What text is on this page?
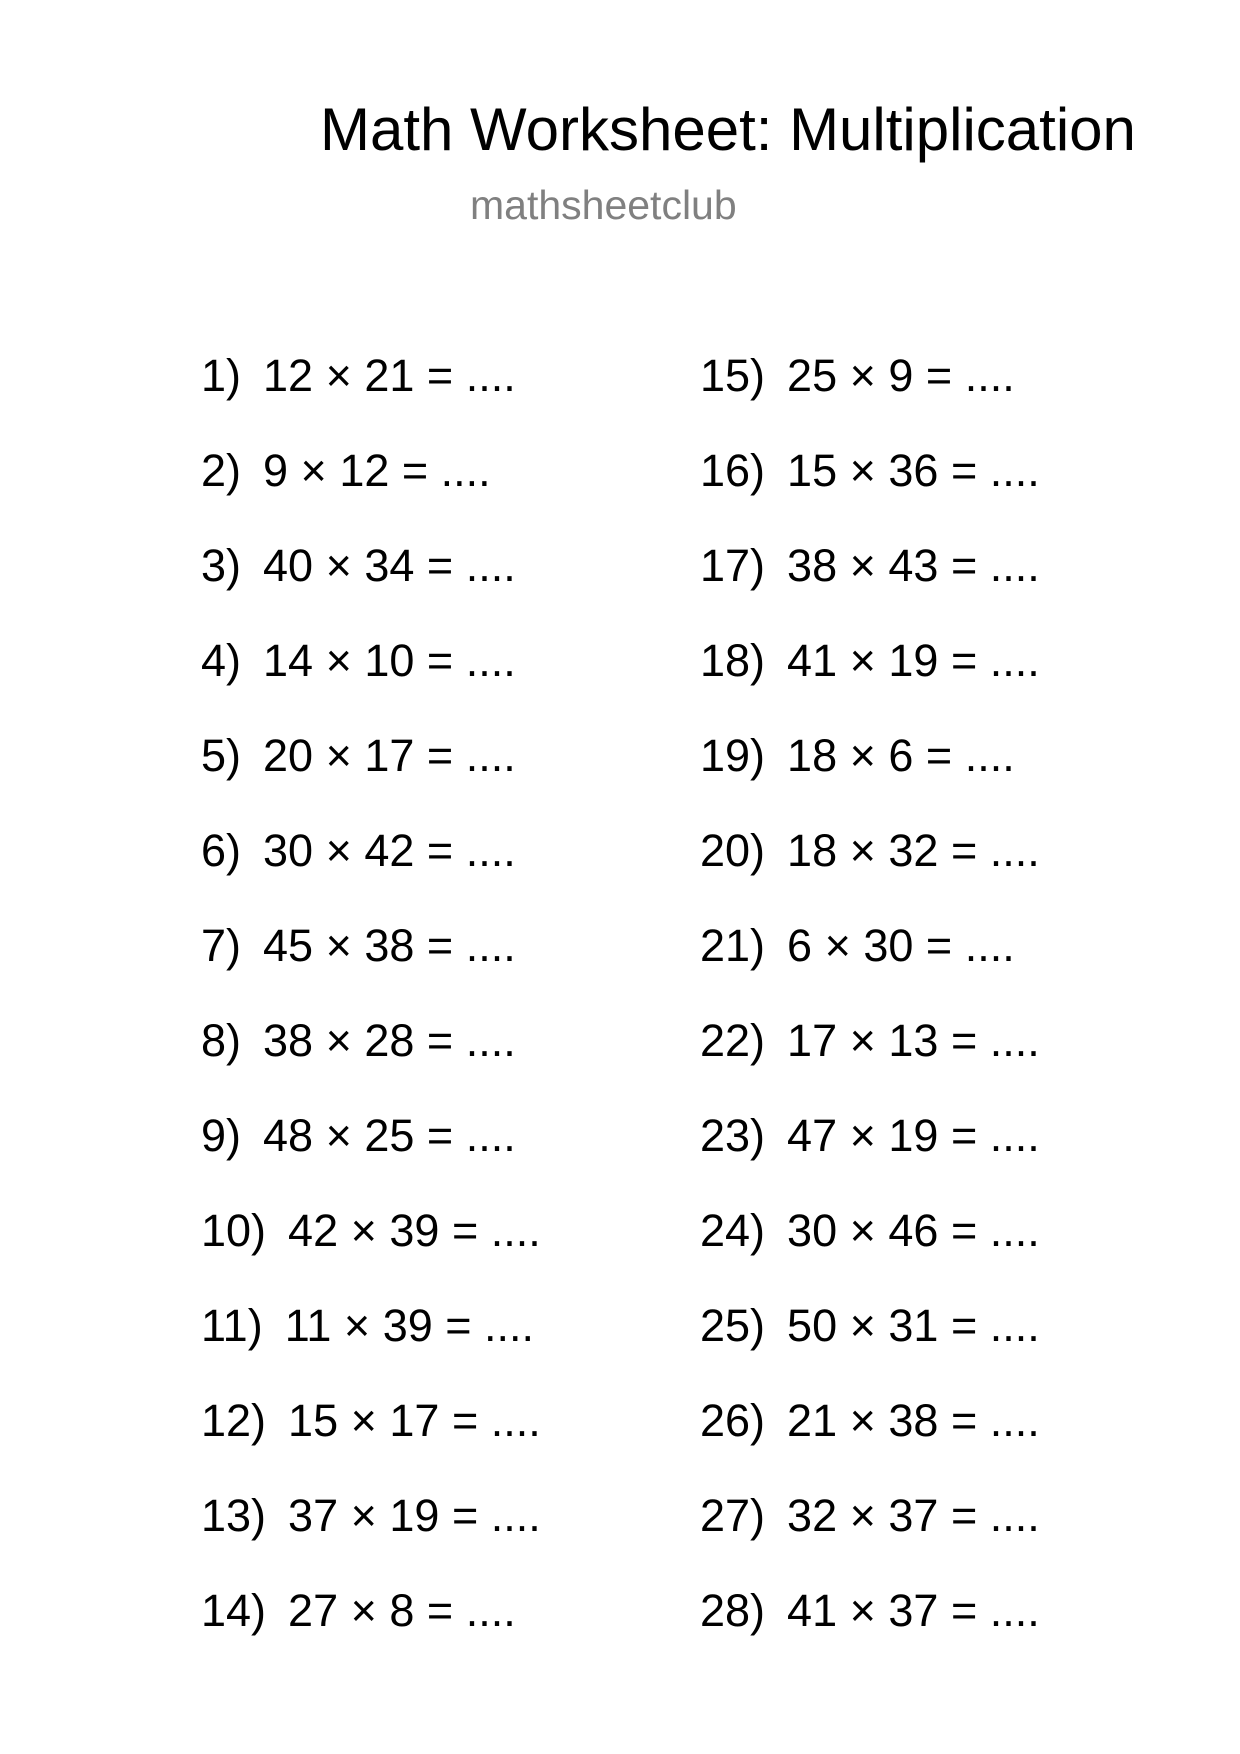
Math Worksheet: Multiplication
mathsheetclub
1) 12 × 21 = ....
2) 9 × 12 = ....
3) 40 × 34 = ....
4) 14 × 10 = ....
5) 20 × 17 = ....
6) 30 × 42 = ....
7) 45 × 38 = ....
8) 38 × 28 = ....
9) 48 × 25 = ....
10) 42 × 39 = ....
11) 11 × 39 = ....
12) 15 × 17 = ....
13) 37 × 19 = ....
14) 27 × 8 = ....
15) 25 × 9 = ....
16) 15 × 36 = ....
17) 38 × 43 = ....
18) 41 × 19 = ....
19) 18 × 6 = ....
20) 18 × 32 = ....
21) 6 × 30 = ....
22) 17 × 13 = ....
23) 47 × 19 = ....
24) 30 × 46 = ....
25) 50 × 31 = ....
26) 21 × 38 = ....
27) 32 × 37 = ....
28) 41 × 37 = ....
